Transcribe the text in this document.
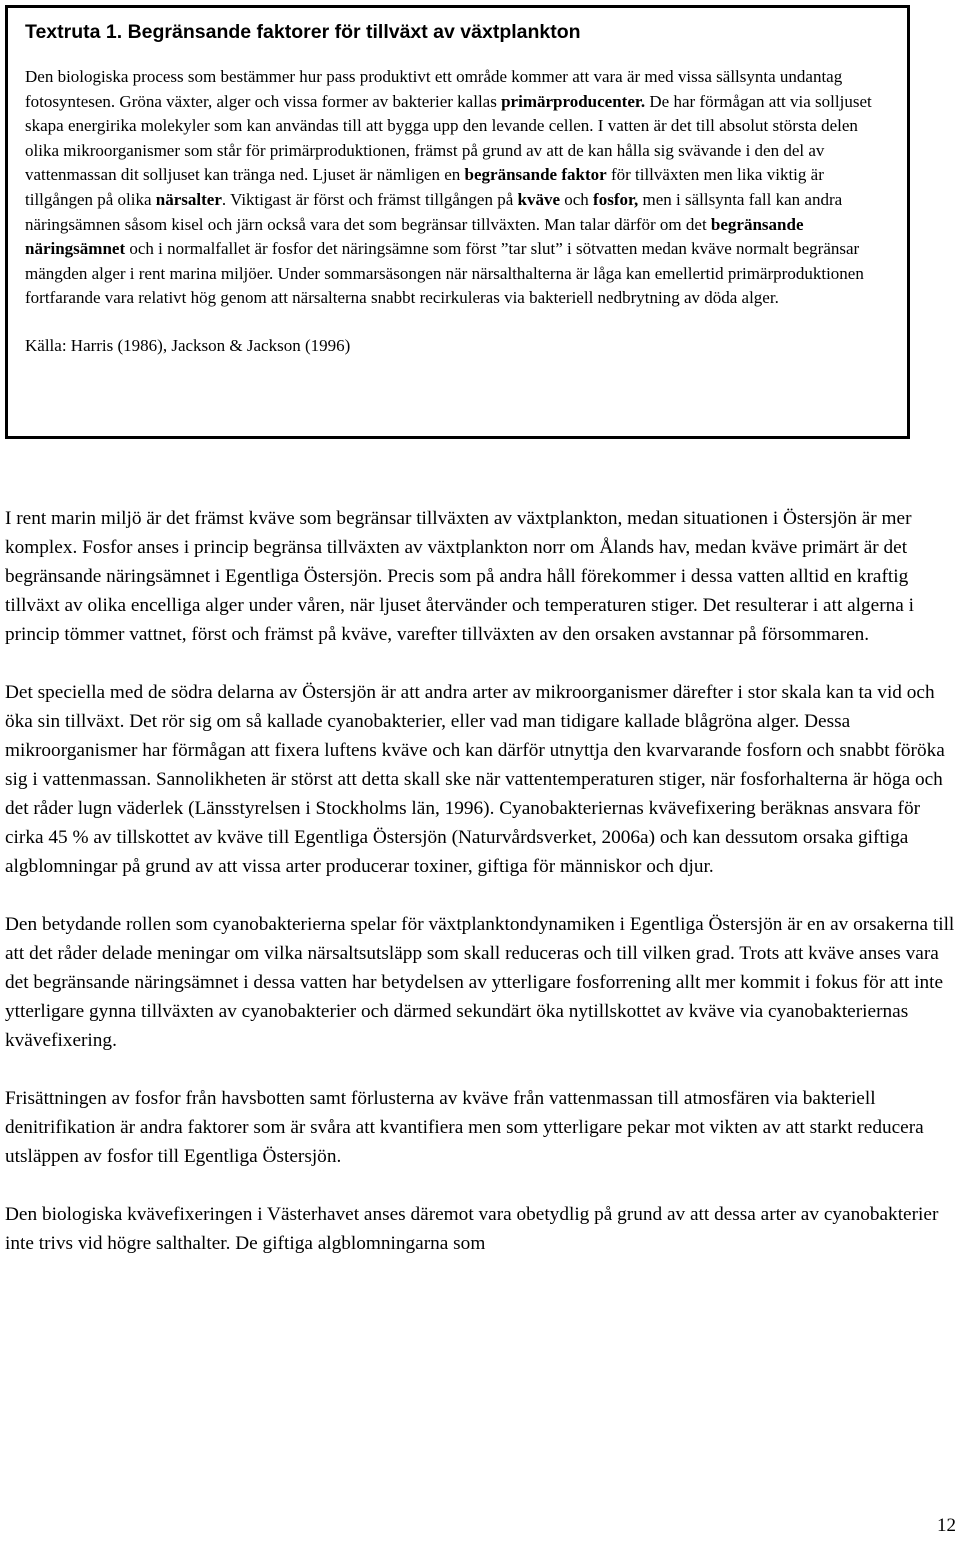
Textruta 1. Begränsande faktorer för tillväxt av växtplankton

Den biologiska process som bestämmer hur pass produktivt ett område kommer att vara är med vissa sällsynta undantag fotosyntesen. Gröna växter, alger och vissa former av bakterier kallas primärproducenter. De har förmågan att via solljuset skapa energirika molekyler som kan användas till att bygga upp den levande cellen. I vatten är det till absolut största delen olika mikroorganismer som står för primärproduktionen, främst på grund av att de kan hålla sig svävande i den del av vattenmassan dit solljuset kan tränga ned. Ljuset är nämligen en begränsande faktor för tillväxten men lika viktig är tillgången på olika närsalter. Viktigast är först och främst tillgången på kväve och fosfor, men i sällsynta fall kan andra näringsämnen såsom kisel och järn också vara det som begränsar tillväxten. Man talar därför om det begränsande näringsämnet och i normalfallet är fosfor det näringsämne som först ”tar slut” i sötvatten medan kväve normalt begränsar mängden alger i rent marina miljöer. Under sommarsäsongen när närsalthalterna är låga kan emellertid primärproduktionen fortfarande vara relativt hög genom att närsalterna snabbt recirkuleras via bakteriell nedbrytning av döda alger.

Källa: Harris (1986), Jackson & Jackson (1996)

I rent marin miljö är det främst kväve som begränsar tillväxten av växtplankton, medan situationen i Östersjön är mer komplex. Fosfor anses i princip begränsa tillväxten av växtplankton norr om Ålands hav, medan kväve primärt är det begränsande näringsämnet i Egentliga Östersjön. Precis som på andra håll förekommer i dessa vatten alltid en kraftig tillväxt av olika encelliga alger under våren, när ljuset återvänder och temperaturen stiger. Det resulterar i att algerna i princip tömmer vattnet, först och främst på kväve, varefter tillväxten av den orsaken avstannar på försommaren.

Det speciella med de södra delarna av Östersjön är att andra arter av mikroorganismer därefter i stor skala kan ta vid och öka sin tillväxt. Det rör sig om så kallade cyanobakterier, eller vad man tidigare kallade blågröna alger. Dessa mikroorganismer har förmågan att fixera luftens kväve och kan därför utnyttja den kvarvarande fosforn och snabbt föröka sig i vattenmassan. Sannolikheten är störst att detta skall ske när vattentemperaturen stiger, när fosforhalterna är höga och det råder lugn väderlek (Länsstyrelsen i Stockholms län, 1996). Cyanobakteriernas kvävefixering beräknas ansvara för cirka 45 % av tillskottet av kväve till Egentliga Östersjön (Naturvårdsverket, 2006a) och kan dessutom orsaka giftiga algblomningar på grund av att vissa arter producerar toxiner, giftiga för människor och djur.

Den betydande rollen som cyanobakterierna spelar för växtplanktondynamiken i Egentliga Östersjön är en av orsakerna till att det råder delade meningar om vilka närsaltsutsläpp som skall reduceras och till vilken grad. Trots att kväve anses vara det begränsande näringsämnet i dessa vatten har betydelsen av ytterligare fosforrening allt mer kommit i fokus för att inte ytterligare gynna tillväxten av cyanobakterier och därmed sekundärt öka nytillskottet av kväve via cyanobakteriernas kvävefixering.

Frisättningen av fosfor från havsbotten samt förlusterna av kväve från vattenmassan till atmosfären via bakteriell denitrifikation är andra faktorer som är svåra att kvantifiera men som ytterligare pekar mot vikten av att starkt reducera utsläppen av fosfor till Egentliga Östersjön.

Den biologiska kvävefixeringen i Västerhavet anses däremot vara obetydlig på grund av att dessa arter av cyanobakterier inte trivs vid högre salthalter. De giftiga algblomningarna som

12
